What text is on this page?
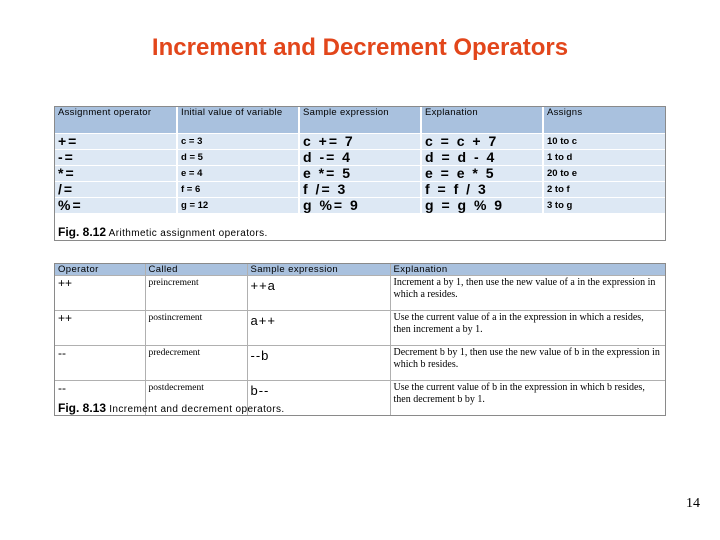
Increment and Decrement Operators
Assignment operator	Initial value of variable	Sample expression	Explanation	Assigns
+=	c = 3	c += 7	c = c + 7	10 to c
-=	d = 5	d -= 4	d = d - 4	1 to d
*=	e = 4	e *= 5	e = e * 5	20 to e
/=	f = 6	f /= 3	f = f / 3	2 to f
%=	g = 12	g %= 9	g = g % 9	3 to g
Fig. 8.12 Arithmetic assignment operators.
Operator	Called	Sample expression	Explanation
++	preincrement	++a	Increment a by 1, then use the new value of a in the expression in which a resides.
++	postincrement	a++	Use the current value of a in the expression in which a resides, then increment a by 1.
--	predecrement	--b	Decrement b by 1, then use the new value of b in the expression in which b resides.
--	postdecrement	b--	Use the current value of b in the expression in which b resides, then decrement b by 1.
Fig. 8.13 Increment and decrement operators.
14
